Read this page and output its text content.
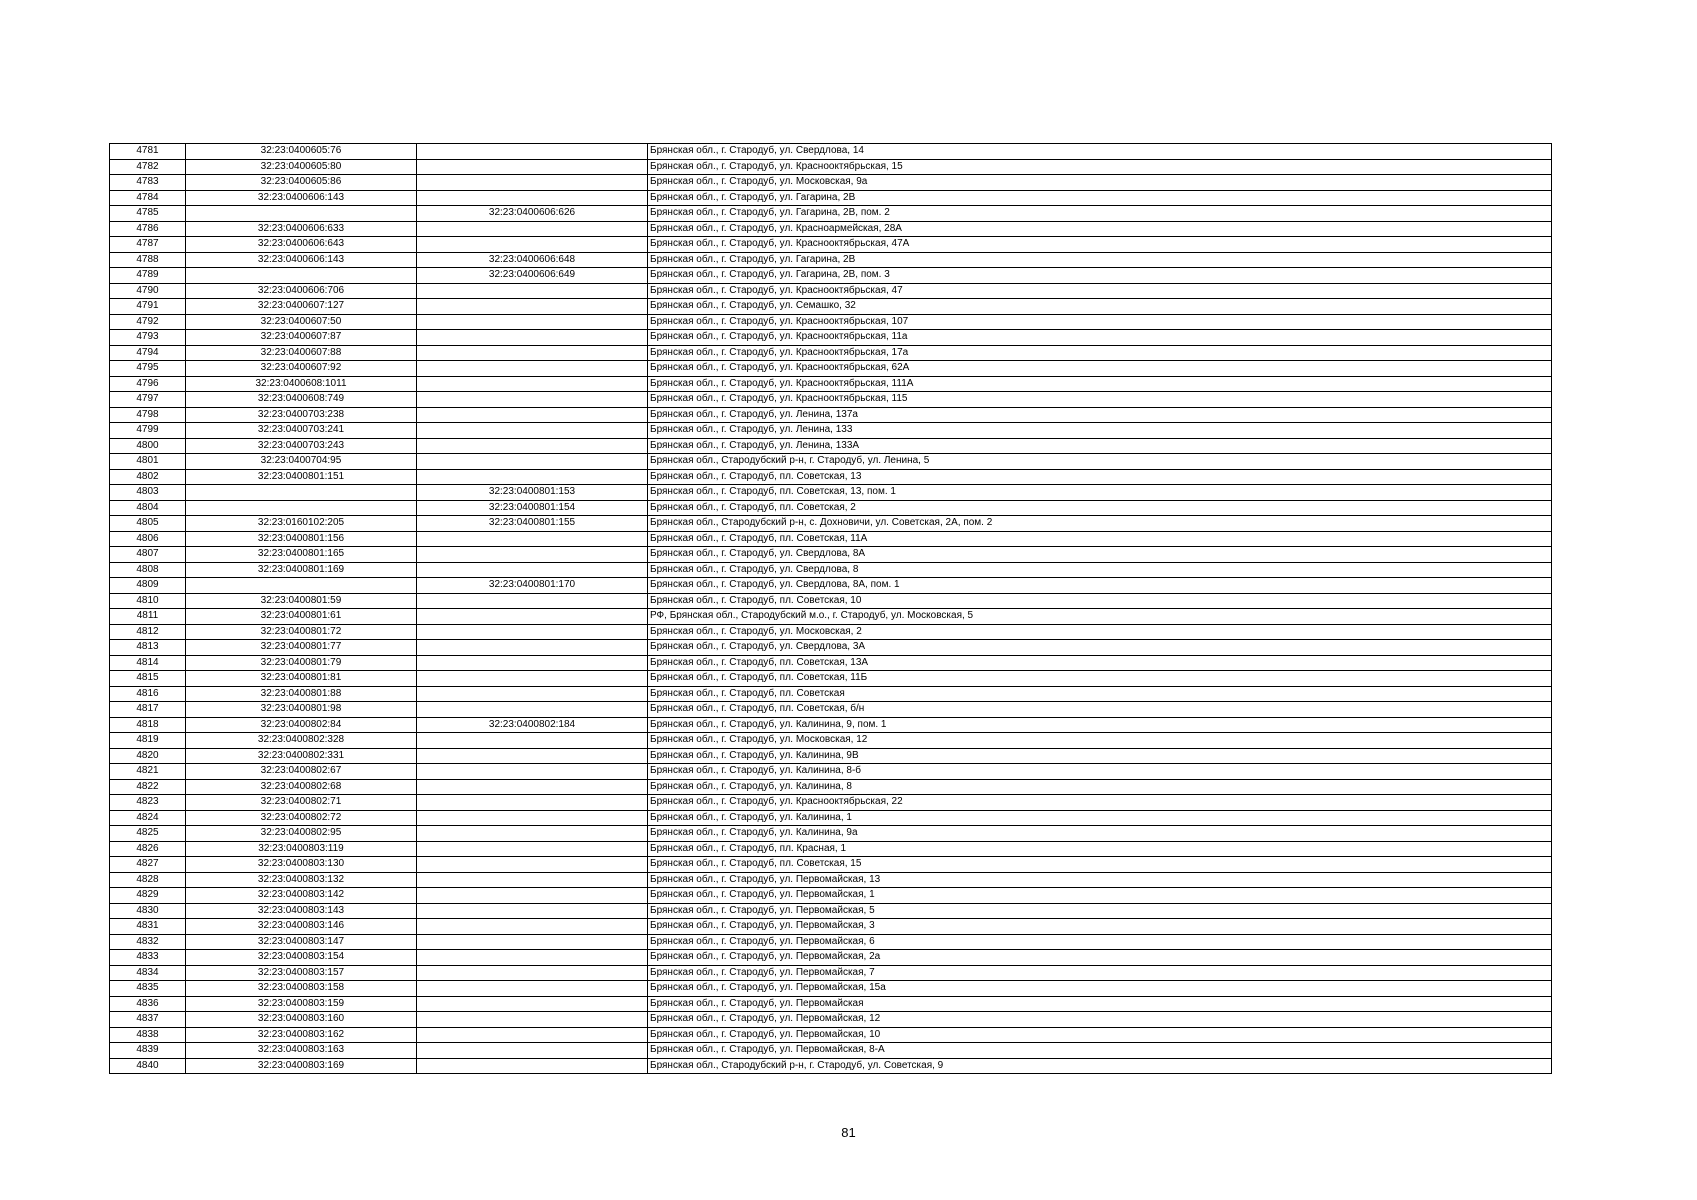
4781	32:23:0400605:76		Брянская обл., г. Стародуб, ул. Свердлова, 14
4782	32:23:0400605:80		Брянская обл., г. Стародуб, ул. Краснооктябрьская, 15
4783	32:23:0400605:86		Брянская обл., г. Стародуб, ул. Московская, 9а
4784	32:23:0400606:143		Брянская обл., г. Стародуб, ул. Гагарина, 2В
4785		32:23:0400606:626	Брянская обл., г. Стародуб, ул. Гагарина, 2В, пом. 2
4786	32:23:0400606:633		Брянская обл., г. Стародуб, ул. Красноармейская, 28А
4787	32:23:0400606:643		Брянская обл., г. Стародуб, ул. Краснооктябрьская, 47А
4788	32:23:0400606:143	32:23:0400606:648	Брянская обл., г. Стародуб, ул. Гагарина, 2В
4789		32:23:0400606:649	Брянская обл., г. Стародуб, ул. Гагарина, 2В, пом. 3
4790	32:23:0400606:706		Брянская обл., г. Стародуб, ул. Краснооктябрьская, 47
4791	32:23:0400607:127		Брянская обл., г. Стародуб, ул. Семашко, 32
4792	32:23:0400607:50		Брянская обл., г. Стародуб, ул. Краснооктябрьская, 107
4793	32:23:0400607:87		Брянская обл., г. Стародуб, ул. Краснооктябрьская, 11а
4794	32:23:0400607:88		Брянская обл., г. Стародуб, ул. Краснооктябрьская, 17а
4795	32:23:0400607:92		Брянская обл., г. Стародуб, ул. Краснооктябрьская, 62А
4796	32:23:0400608:1011		Брянская обл., г. Стародуб, ул. Краснооктябрьская, 111А
4797	32:23:0400608:749		Брянская обл., г. Стародуб, ул. Краснооктябрьская, 115
4798	32:23:0400703:238		Брянская обл., г. Стародуб, ул. Ленина, 137а
4799	32:23:0400703:241		Брянская обл., г. Стародуб, ул. Ленина, 133
4800	32:23:0400703:243		Брянская обл., г. Стародуб, ул. Ленина, 133А
4801	32:23:0400704:95		Брянская обл., Стародубский р-н, г. Стародуб, ул. Ленина, 5
4802	32:23:0400801:151		Брянская обл., г. Стародуб, пл. Советская, 13
4803		32:23:0400801:153	Брянская обл., г. Стародуб, пл. Советская, 13, пом. 1
4804		32:23:0400801:154	Брянская обл., г. Стародуб, пл. Советская, 2
4805	32:23:0160102:205	32:23:0400801:155	Брянская обл., Стародубский р-н, с. Дохновичи, ул. Советская, 2А, пом. 2
4806	32:23:0400801:156		Брянская обл., г. Стародуб, пл. Советская, 11А
4807	32:23:0400801:165		Брянская обл., г. Стародуб, ул. Свердлова, 8А
4808	32:23:0400801:169		Брянская обл., г. Стародуб, ул. Свердлова, 8
4809		32:23:0400801:170	Брянская обл., г. Стародуб, ул. Свердлова, 8А, пом. 1
4810	32:23:0400801:59		Брянская обл., г. Стародуб, пл. Советская, 10
4811	32:23:0400801:61		РФ, Брянская обл., Стародубский м.о., г. Стародуб, ул. Московская, 5
4812	32:23:0400801:72		Брянская обл., г. Стародуб, ул. Московская, 2
4813	32:23:0400801:77		Брянская обл., г. Стародуб, ул. Свердлова, 3А
4814	32:23:0400801:79		Брянская обл., г. Стародуб, пл. Советская, 13А
4815	32:23:0400801:81		Брянская обл., г. Стародуб, пл. Советская, 11Б
4816	32:23:0400801:88		Брянская обл., г. Стародуб, пл. Советская
4817	32:23:0400801:98		Брянская обл., г. Стародуб, пл. Советская, б/н
4818	32:23:0400802:84	32:23:0400802:184	Брянская обл., г. Стародуб, ул. Калинина, 9, пом. 1
4819	32:23:0400802:328		Брянская обл., г. Стародуб, ул. Московская, 12
4820	32:23:0400802:331		Брянская обл., г. Стародуб, ул. Калинина, 9В
4821	32:23:0400802:67		Брянская обл., г. Стародуб, ул. Калинина, 8-б
4822	32:23:0400802:68		Брянская обл., г. Стародуб, ул. Калинина, 8
4823	32:23:0400802:71		Брянская обл., г. Стародуб, ул. Краснооктябрьская, 22
4824	32:23:0400802:72		Брянская обл., г. Стародуб, ул. Калинина, 1
4825	32:23:0400802:95		Брянская обл., г. Стародуб, ул. Калинина, 9а
4826	32:23:0400803:119		Брянская обл., г. Стародуб, пл. Красная, 1
4827	32:23:0400803:130		Брянская обл., г. Стародуб, пл. Советская, 15
4828	32:23:0400803:132		Брянская обл., г. Стародуб, ул. Первомайская, 13
4829	32:23:0400803:142		Брянская обл., г. Стародуб, ул. Первомайская, 1
4830	32:23:0400803:143		Брянская обл., г. Стародуб, ул. Первомайская, 5
4831	32:23:0400803:146		Брянская обл., г. Стародуб, ул. Первомайская, 3
4832	32:23:0400803:147		Брянская обл., г. Стародуб, ул. Первомайская, 6
4833	32:23:0400803:154		Брянская обл., г. Стародуб, ул. Первомайская, 2а
4834	32:23:0400803:157		Брянская обл., г. Стародуб, ул. Первомайская, 7
4835	32:23:0400803:158		Брянская обл., г. Стародуб, ул. Первомайская, 15а
4836	32:23:0400803:159		Брянская обл., г. Стародуб, ул. Первомайская
4837	32:23:0400803:160		Брянская обл., г. Стародуб, ул. Первомайская, 12
4838	32:23:0400803:162		Брянская обл., г. Стародуб, ул. Первомайская, 10
4839	32:23:0400803:163		Брянская обл., г. Стародуб, ул. Первомайская, 8-А
4840	32:23:0400803:169		Брянская обл., Стародубский р-н, г. Стародуб, ул. Советская, 9
81
